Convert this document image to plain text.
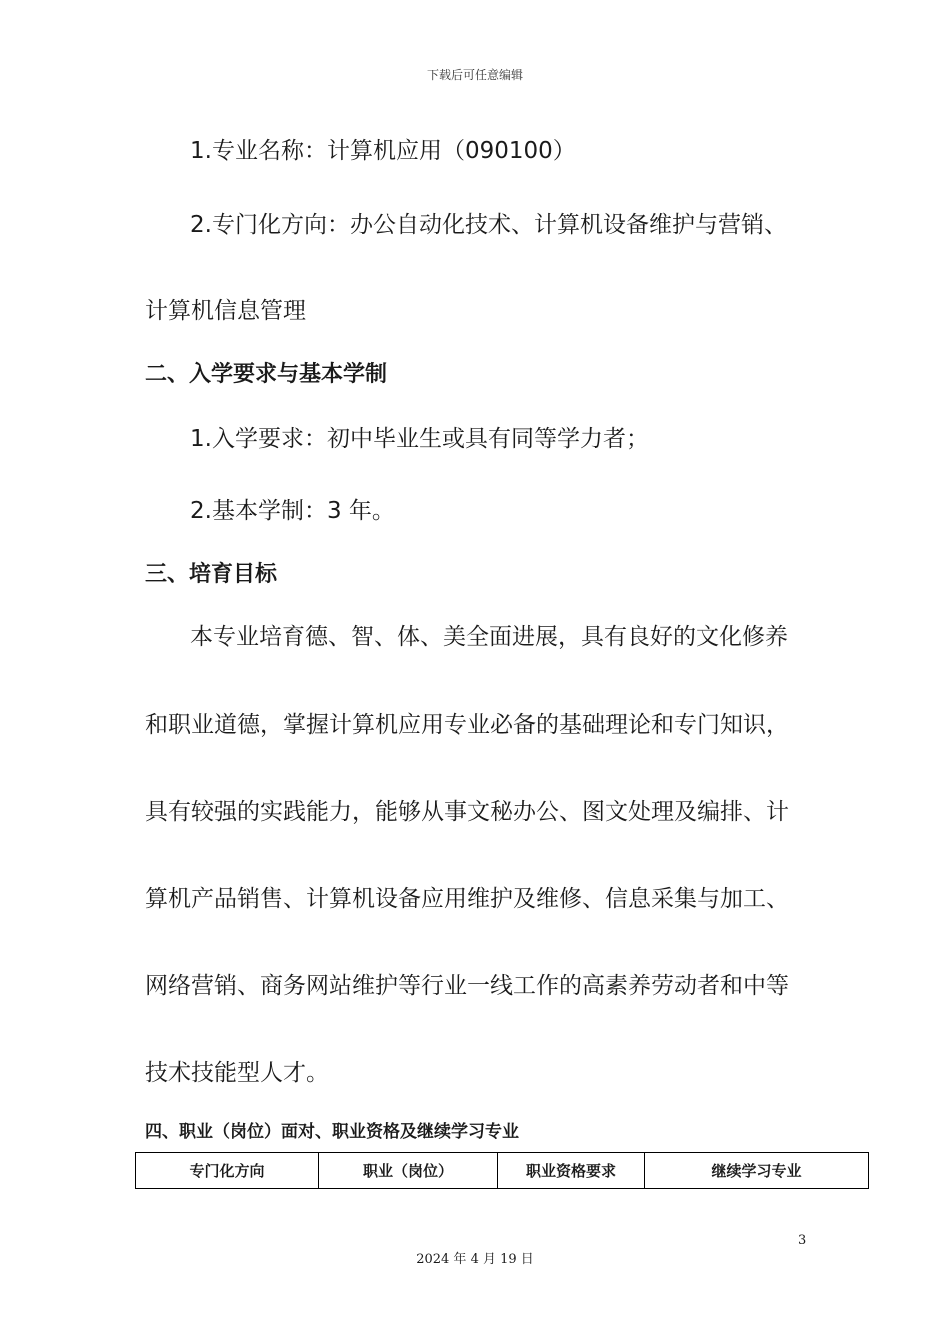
下载后可任意编辑
1.专业名称：计算机应用（090100）
2.专门化方向：办公自动化技术、计算机设备维护与营销、
计算机信息管理
二、入学要求与基本学制
1.入学要求：初中毕业生或具有同等学力者；
2.基本学制：3 年。
三、培育目标
本专业培育德、智、体、美全面进展，具有良好的文化修养
和职业道德，掌握计算机应用专业必备的基础理论和专门知识，
具有较强的实践能力，能够从事文秘办公、图文处理及编排、计
算机产品销售、计算机设备应用维护及维修、信息采集与加工、
网络营销、商务网站维护等行业一线工作的高素养劳动者和中等
技术技能型人才。
四、职业（岗位）面对、职业资格及继续学习专业
专门化方向	职业（岗位）	职业资格要求	继续学习专业
3
2024 年 4 月 19 日
